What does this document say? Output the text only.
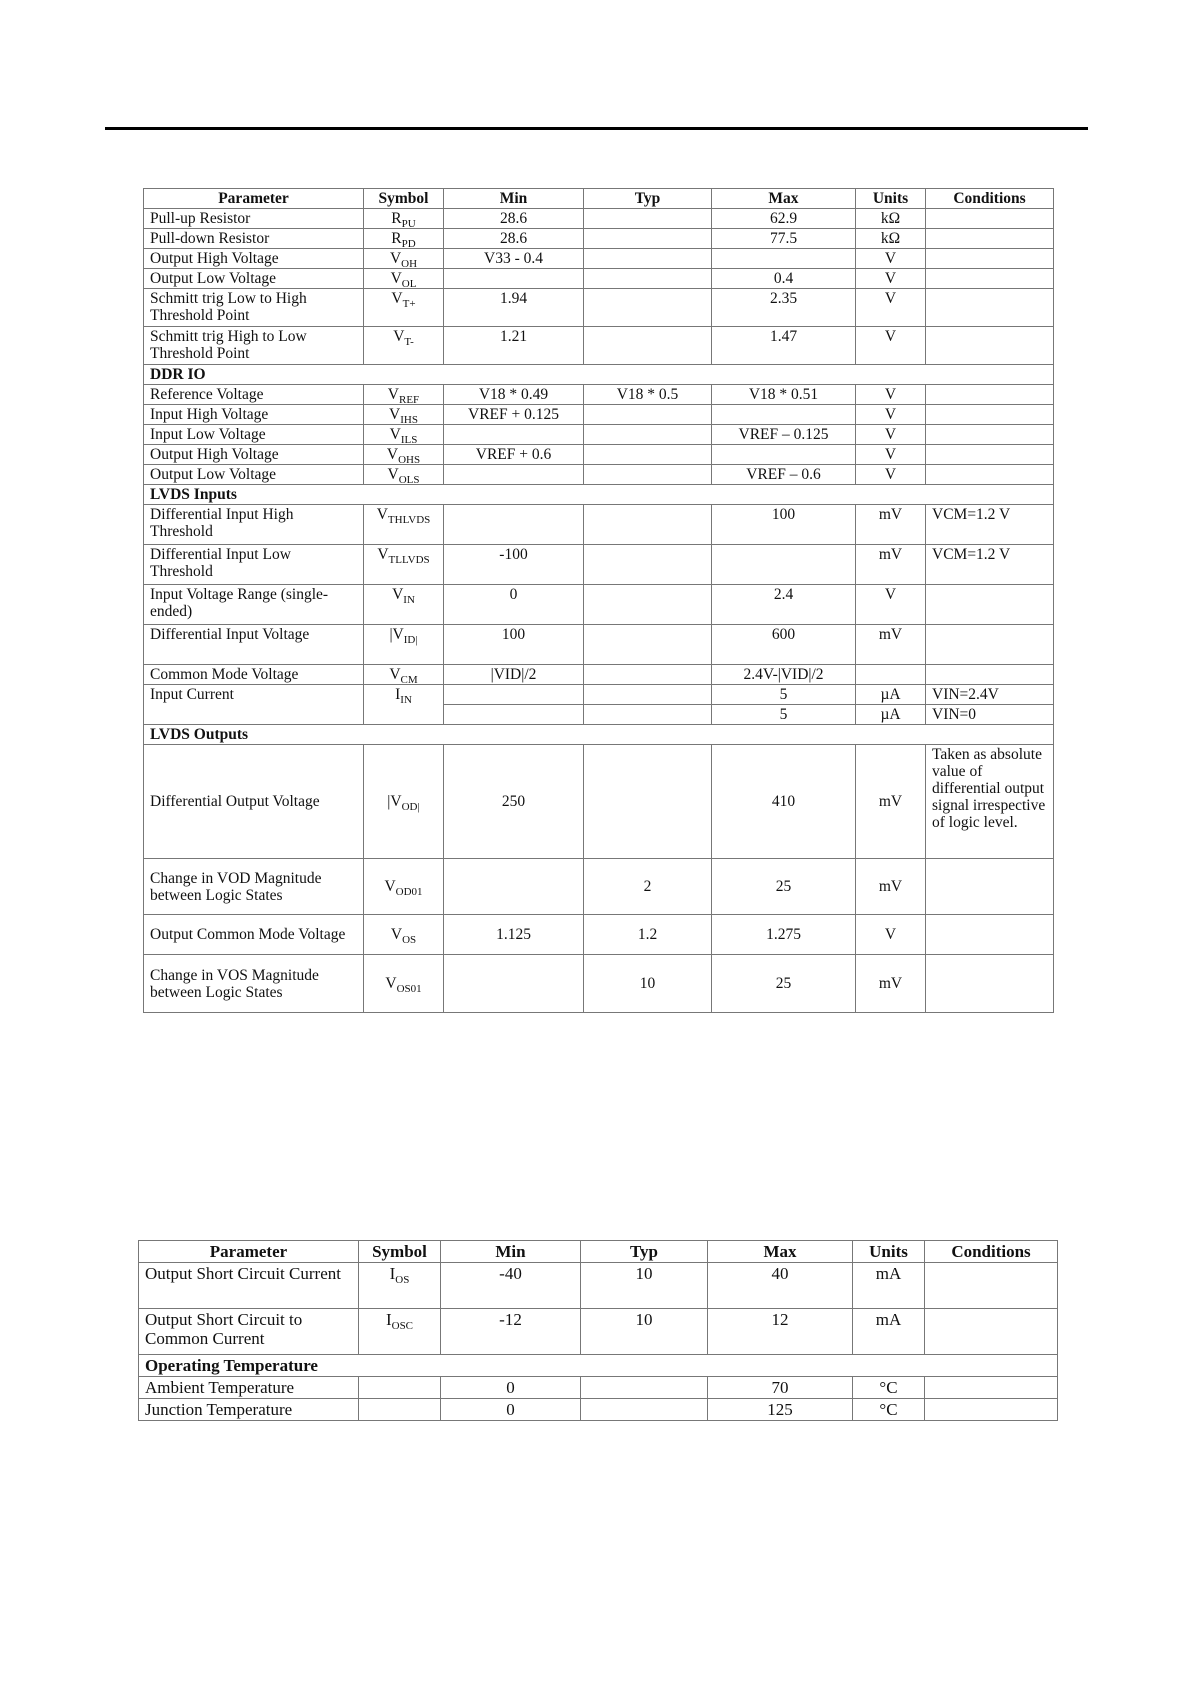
Parameter	Symbol	Min	Typ	Max	Units	Conditions
Pull-up Resistor	$R_{PU}$	28.6		62.9	kΩ	
Pull-down Resistor	$R_{PD}$	28.6		77.5	kΩ	
Output High Voltage	$V_{OH}$	V33 - 0.4			V	
Output Low Voltage	$V_{OL}$			0.4	V	
Schmitt trig Low to High Threshold Point	$V_{T+}$	1.94		2.35	V	
Schmitt trig High to Low Threshold Point	$V_{T-}$	1.21		1.47	V	
DDR IO						
Reference Voltage	$V_{REF}$	V18 * 0.49	V18 * 0.5	V18 * 0.51	V	
Input High Voltage	$V_{IHS}$	VREF + 0.125			V	
Input Low Voltage	$V_{ILS}$			VREF – 0.125	V	
Output High Voltage	$V_{OHS}$	VREF + 0.6			V	
Output Low Voltage	$V_{OLS}$			VREF – 0.6	V	
LVDS Inputs						
Differential Input High Threshold	$V_{THLVDS}$			100	mV	VCM=1.2 V
Differential Input Low Threshold	$V_{TLLVDS}$	-100			mV	VCM=1.2 V
Input Voltage Range (single-ended)	$V_{IN}$	0		2.4	V	
Differential Input Voltage	$|V_{ID|}$	100		600	mV	
Common Mode Voltage	$V_{CM}$	|VID|/2		2.4V-|VID|/2		
Input Current	$I_{IN}$			5	µA	VIN=2.4V
				5	µA	VIN=0
LVDS Outputs						
Differential Output Voltage	$|V_{OD|}$	250		410	mV	Taken as absolute value of differential output signal irrespective of logic level.
Change in VOD Magnitude between Logic States	$V_{OD01}$		2	25	mV	
Output Common Mode Voltage	$V_{OS}$	1.125	1.2	1.275	V	
Change in VOS Magnitude between Logic States	$V_{OS01}$		10	25	mV	
Parameter	Symbol	Min	Typ	Max	Units	Conditions
Output Short Circuit Current	$I_{OS}$	-40	10	40	mA	
Output Short Circuit to Common Current	$I_{OSC}$	-12	10	12	mA	
Operating Temperature						
Ambient Temperature		0		70	°C	
Junction Temperature		0		125	°C	
